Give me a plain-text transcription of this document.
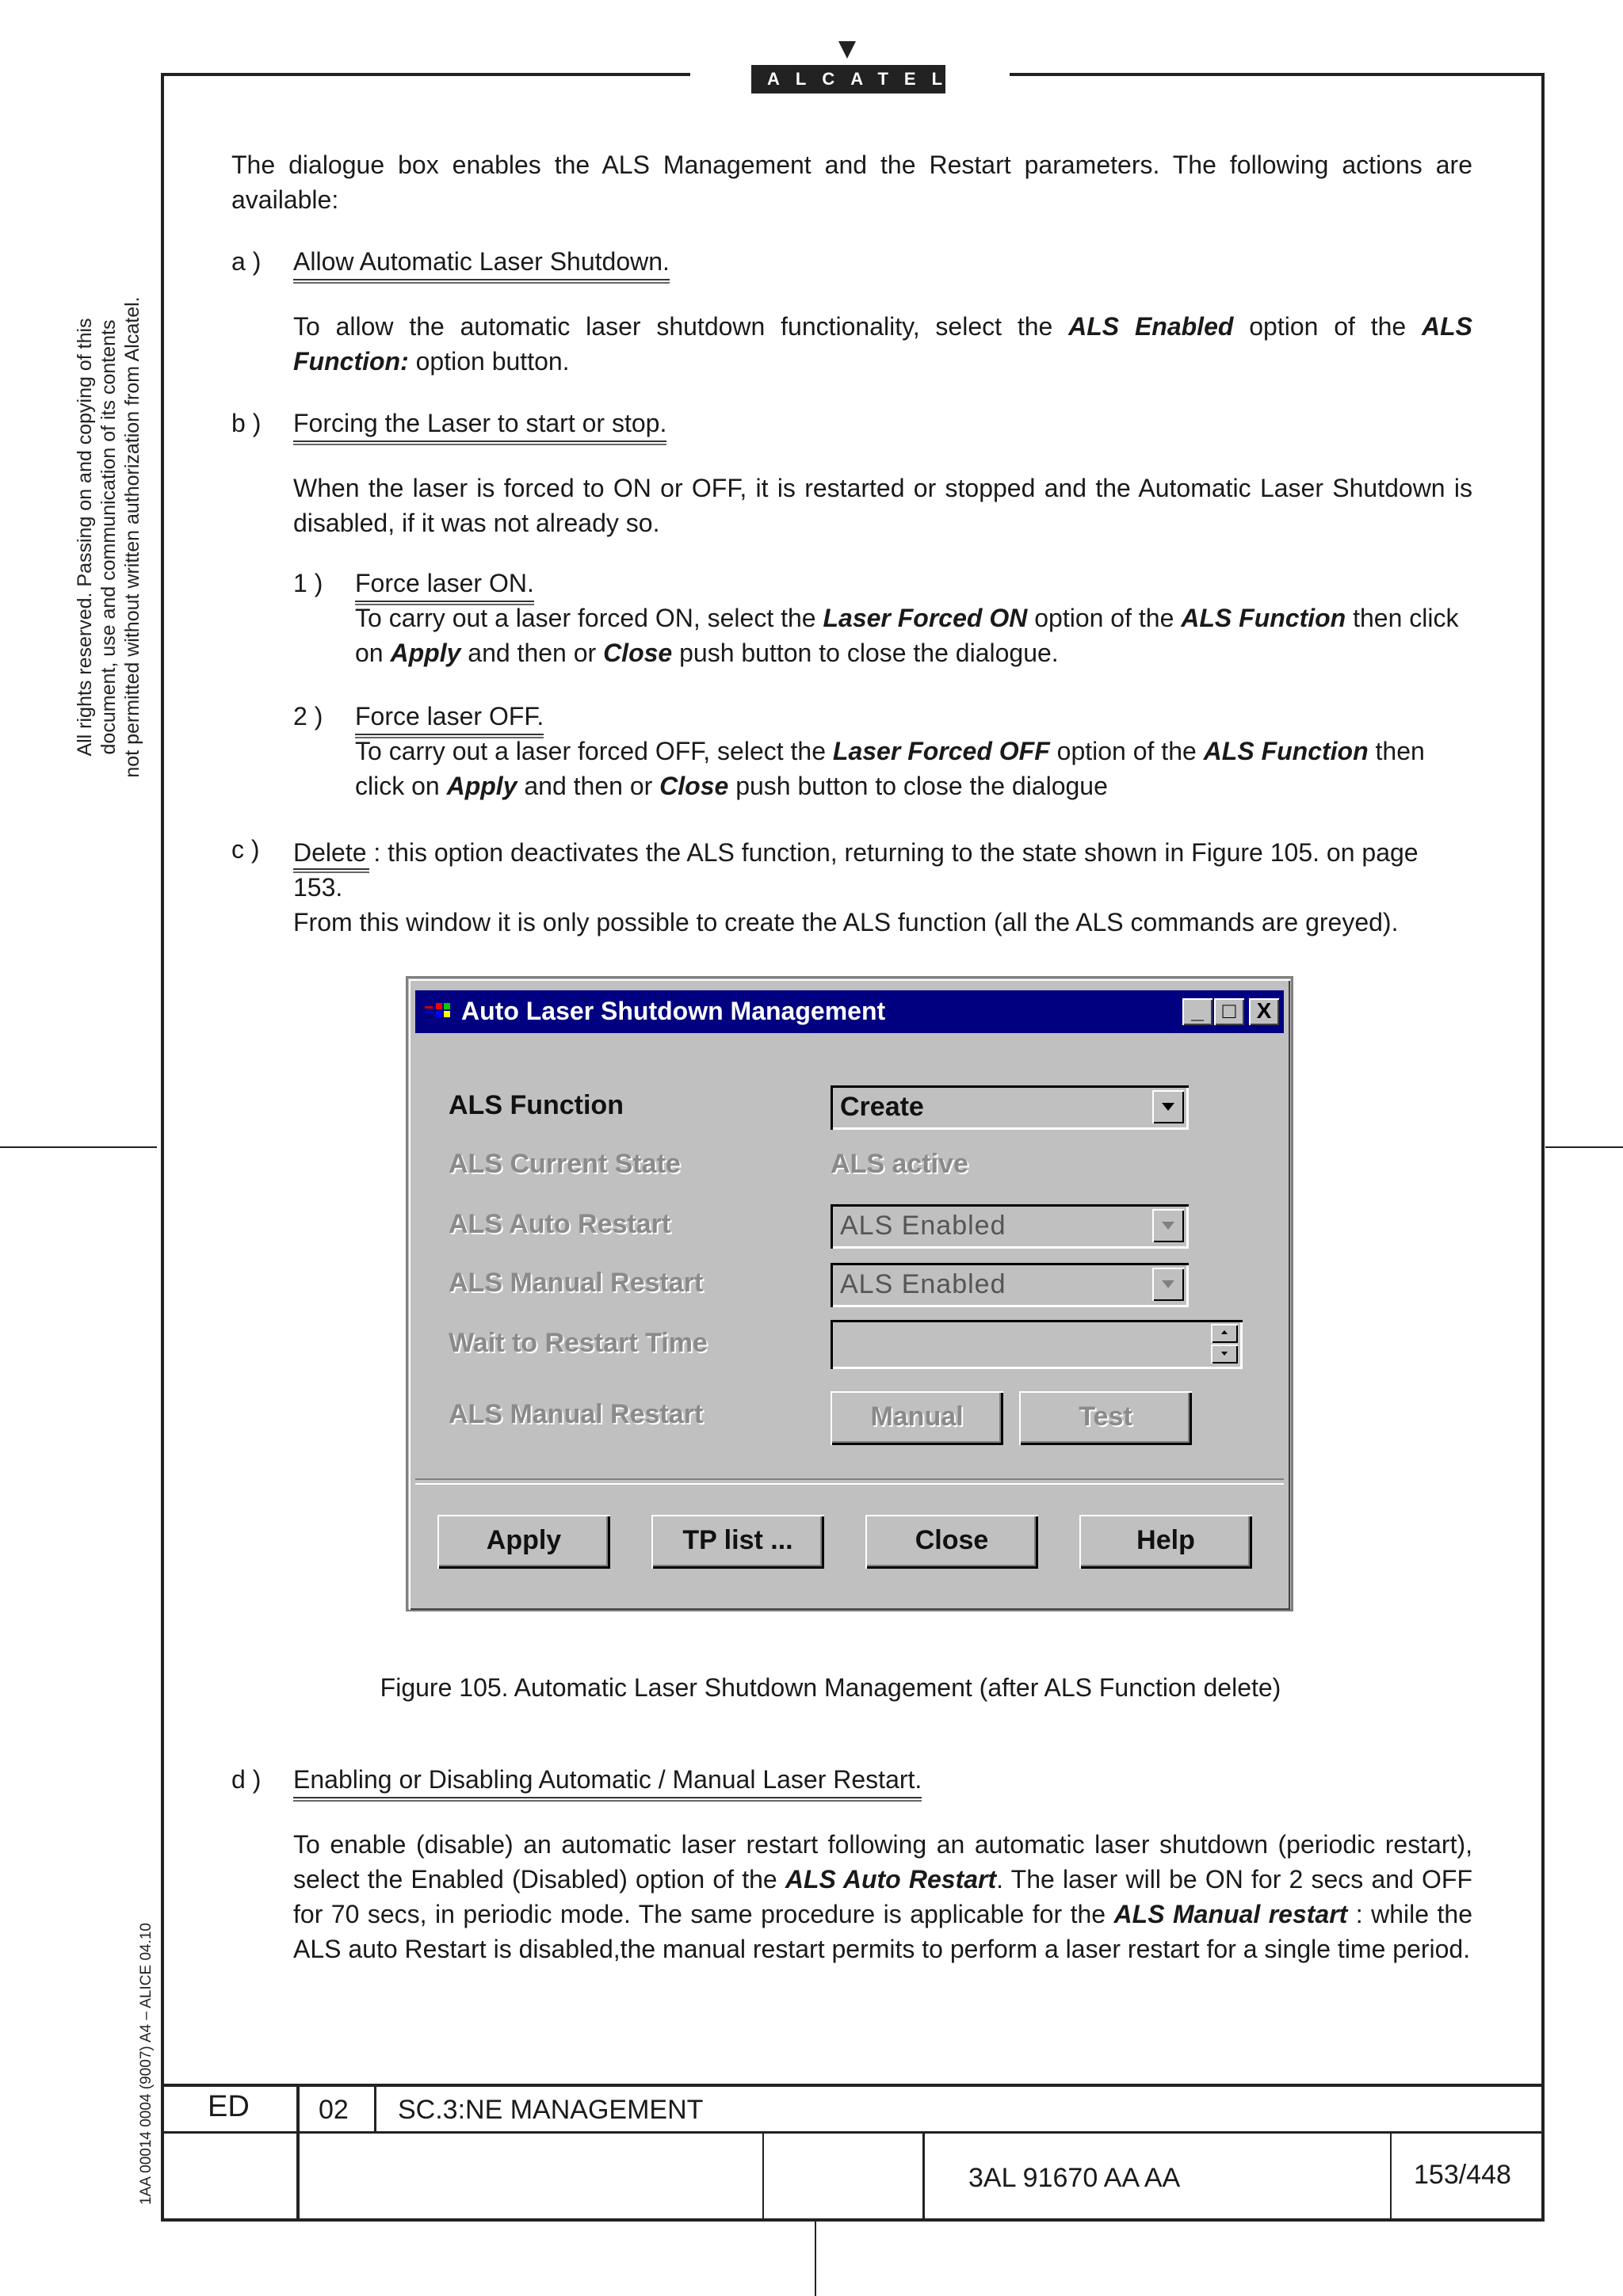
ALCATEL
All rights reserved. Passing on and copying of this document, use and communication of its contents not permitted without written authorization from Alcatel.
1AA 00014 0004 (9007) A4 – ALICE 04.10
The dialogue box enables the ALS Management and the Restart parameters. The following actions are available:
a ) Allow Automatic Laser Shutdown.
To allow the automatic laser shutdown functionality, select the ALS Enabled option of the ALS Function: option button.
b ) Forcing the Laser to start or stop.
When the laser is forced to ON or OFF, it is restarted or stopped and the Automatic Laser Shutdown is disabled, if it was not already so.
1 ) Force laser ON.
To carry out a laser forced ON, select the Laser Forced ON option of the ALS Function then click on Apply and then or Close push button to close the dialogue.
2 ) Force laser OFF.
To carry out a laser forced OFF, select the Laser Forced OFF option of the ALS Function then click on Apply and then or Close push button to close the dialogue
c ) Delete : this option deactivates the ALS function, returning to the state shown in Figure 105. on page 153.
From this window it is only possible to create the ALS function (all the ALS commands are greyed).
Auto Laser Shutdown Management	_ □ X
ALS Function	Create
ALS Current State	ALS active
ALS Auto Restart	ALS Enabled
ALS Manual Restart	ALS Enabled
Wait to Restart Time
ALS Manual Restart	Manual	Test
Apply	TP list ...	Close	Help
Figure 105. Automatic Laser Shutdown Management (after ALS Function delete)
d ) Enabling or Disabling Automatic / Manual Laser Restart.
To enable (disable) an automatic laser restart following an automatic laser shutdown (periodic restart), select the Enabled (Disabled) option of the ALS Auto Restart. The laser will be ON for 2 secs and OFF for 70 secs, in periodic mode. The same procedure is applicable for the ALS Manual restart : while the ALS auto Restart is disabled,the manual restart permits to perform a laser restart for a single time period.
ED	02 SC.3:NE MANAGEMENT
3AL 91670 AA AA	153/448
